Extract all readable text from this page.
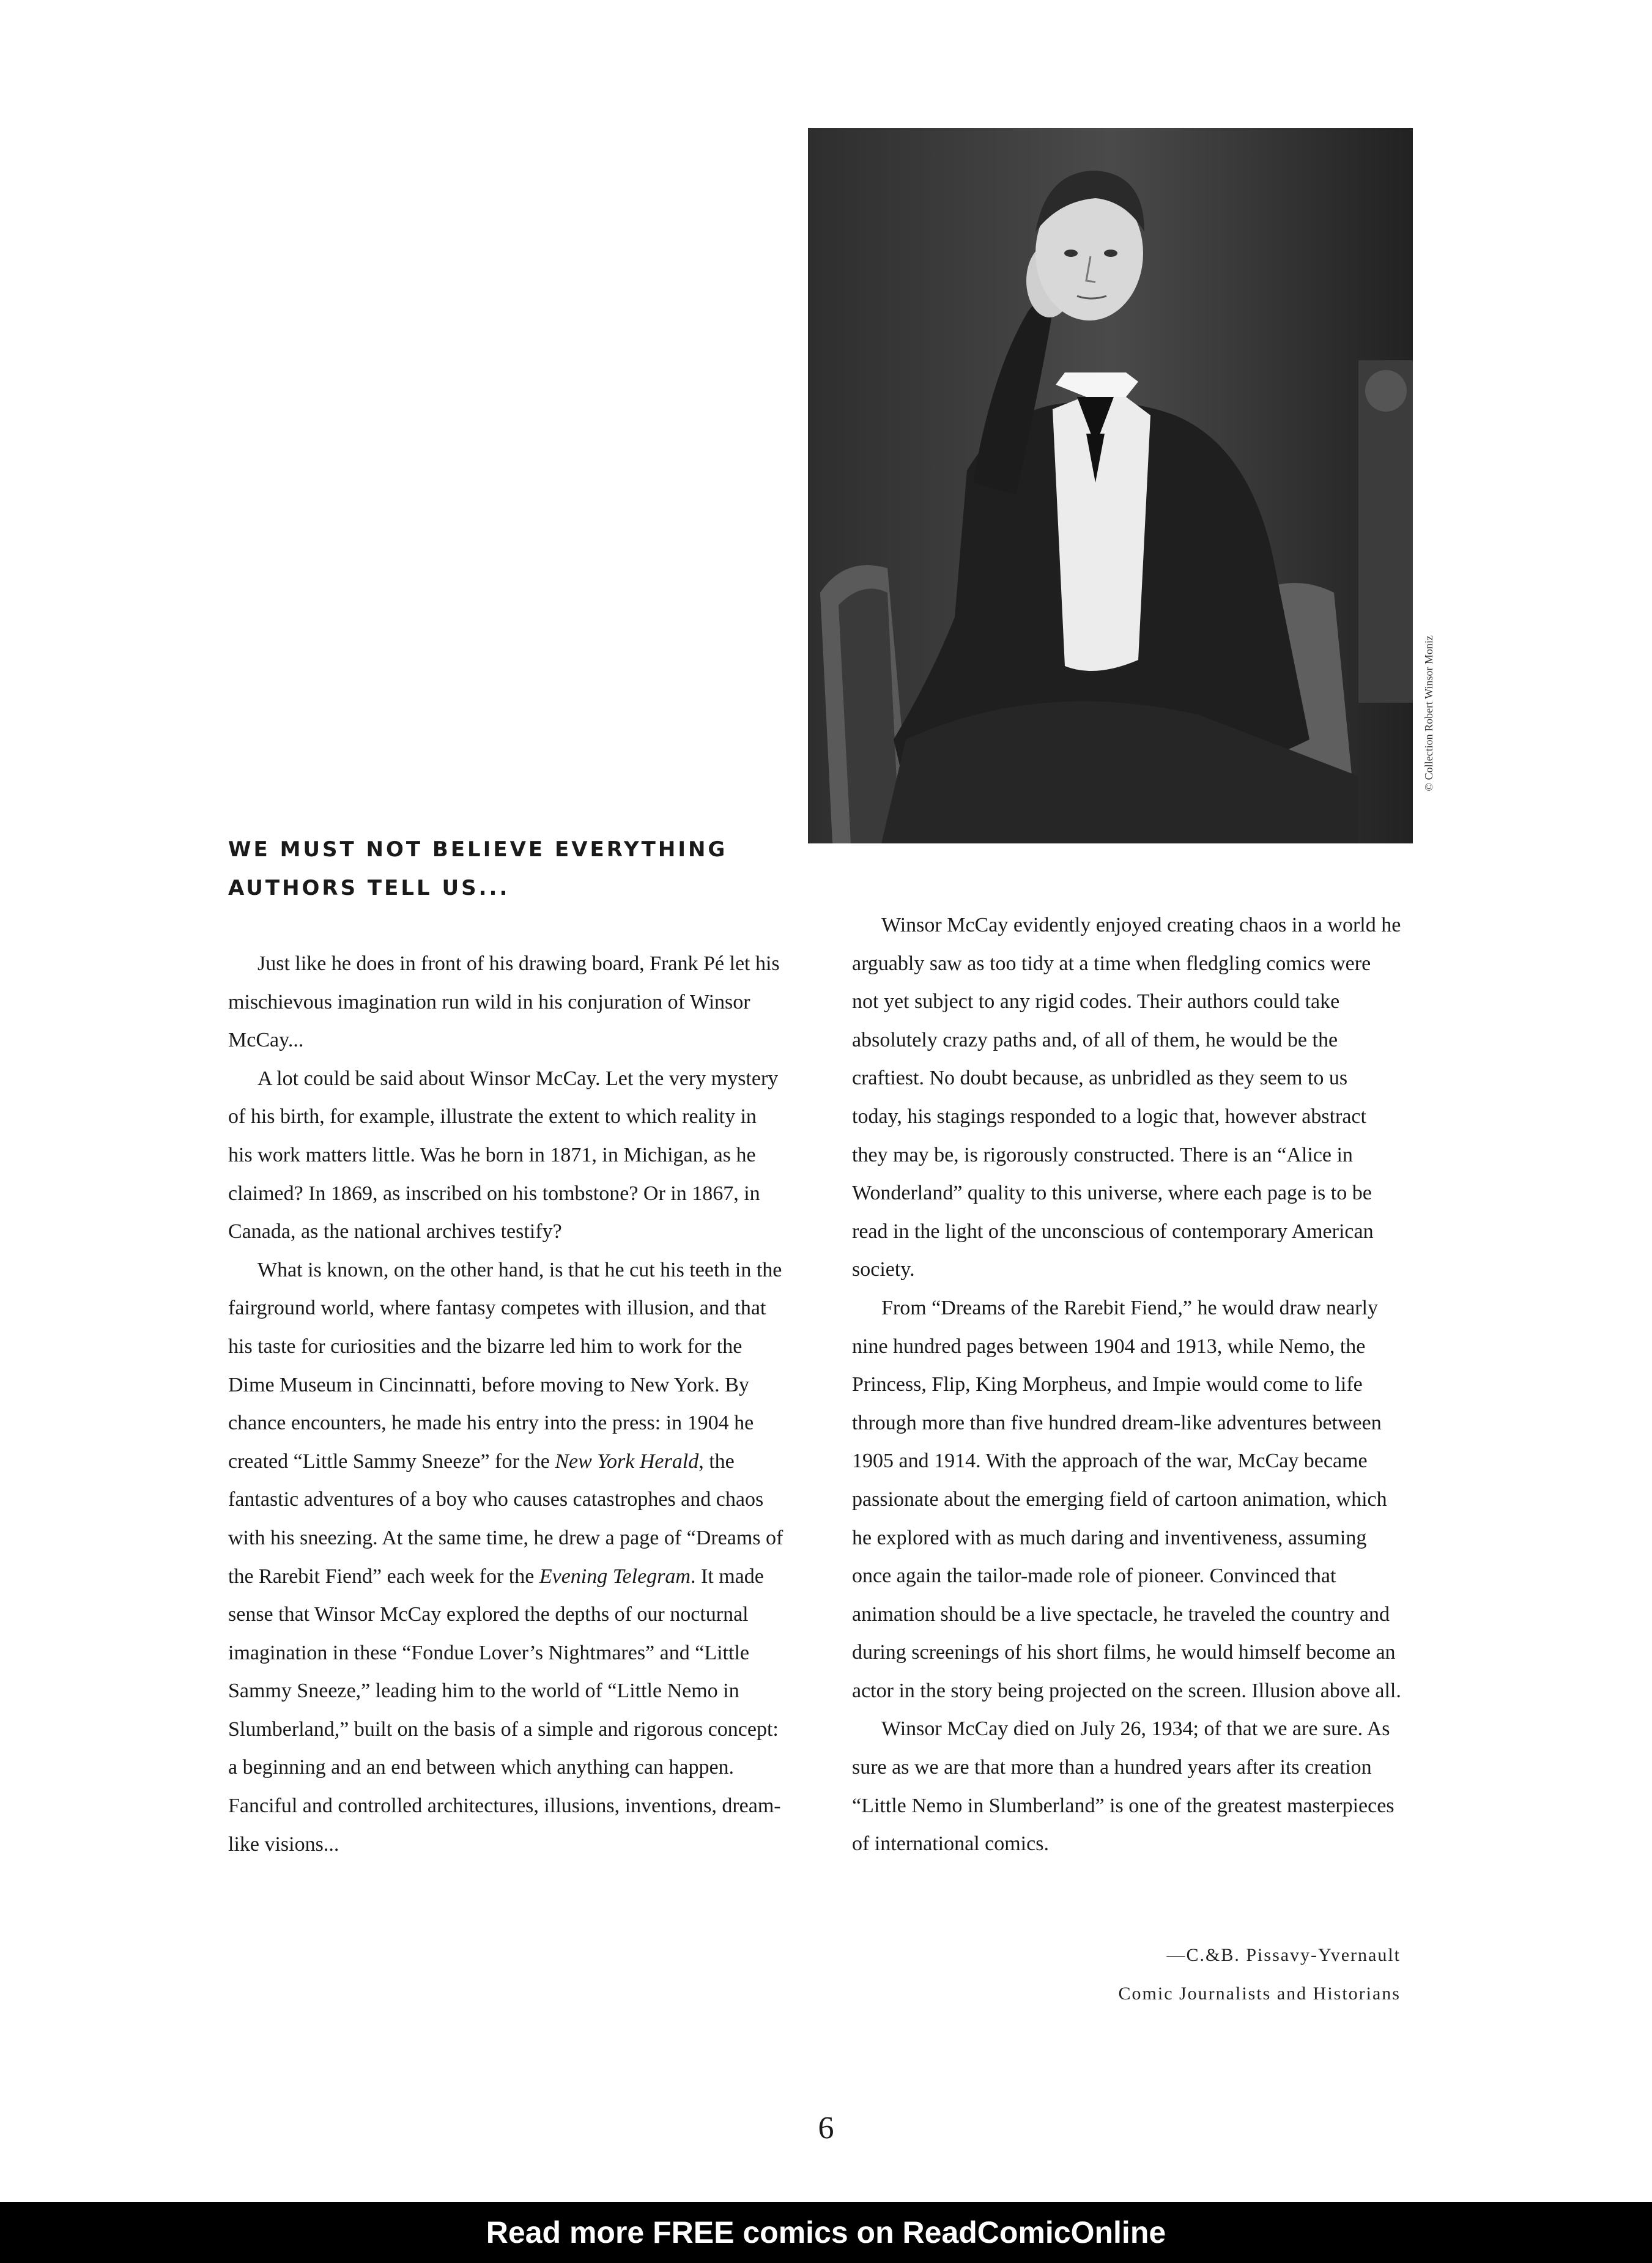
© Collection Robert Winsor Moniz
WE MUST NOT BELIEVE EVERYTHING
AUTHORS TELL US...

Just like he does in front of his drawing board, Frank Pé let his mischievous imagination run wild in his conjuration of Winsor McCay...

A lot could be said about Winsor McCay. Let the very mystery of his birth, for example, illustrate the extent to which reality in his work matters little. Was he born in 1871, in Michigan, as he claimed? In 1869, as inscribed on his tombstone? Or in 1867, in Canada, as the national archives testify?

What is known, on the other hand, is that he cut his teeth in the fairground world, where fantasy competes with illusion, and that his taste for curiosities and the bizarre led him to work for the Dime Museum in Cincinnatti, before moving to New York. By chance encounters, he made his entry into the press: in 1904 he created “Little Sammy Sneeze” for the New York Herald, the fantastic adventures of a boy who causes catastrophes and chaos with his sneezing. At the same time, he drew a page of “Dreams of the Rarebit Fiend” each week for the Evening Telegram. It made sense that Winsor McCay explored the depths of our nocturnal imagination in these “Fondue Lover’s Nightmares” and “Little Sammy Sneeze,” leading him to the world of “Little Nemo in Slumberland,” built on the basis of a simple and rigorous concept: a beginning and an end between which anything can happen. Fanciful and controlled architectures, illusions, inventions, dream-like visions...

Winsor McCay evidently enjoyed creating chaos in a world he arguably saw as too tidy at a time when fledgling comics were not yet subject to any rigid codes. Their authors could take absolutely crazy paths and, of all of them, he would be the craftiest. No doubt because, as unbridled as they seem to us today, his stagings responded to a logic that, however abstract they may be, is rigorously constructed. There is an “Alice in Wonderland” quality to this universe, where each page is to be read in the light of the unconscious of contemporary American society.

From “Dreams of the Rarebit Fiend,” he would draw nearly nine hundred pages between 1904 and 1913, while Nemo, the Princess, Flip, King Morpheus, and Impie would come to life through more than five hundred dream-like adventures between 1905 and 1914. With the approach of the war, McCay became passionate about the emerging field of cartoon animation, which he explored with as much daring and inventiveness, assuming once again the tailor-made role of pioneer. Convinced that animation should be a live spectacle, he traveled the country and during screenings of his short films, he would himself become an actor in the story being projected on the screen. Illusion above all.

Winsor McCay died on July 26, 1934; of that we are sure. As sure as we are that more than a hundred years after its creation “Little Nemo in Slumberland” is one of the greatest masterpieces of international comics.

—C.&B. Pissavy-Yvernault
Comic Journalists and Historians
6
Read more FREE comics on ReadComicOnline
